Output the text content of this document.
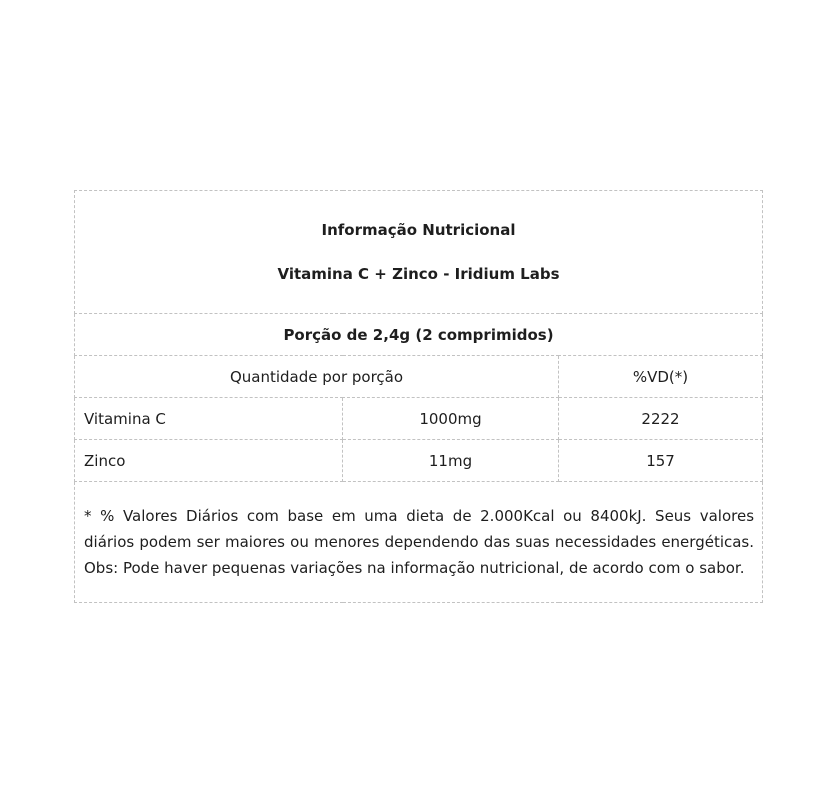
Informação Nutricional
Vitamina C + Zinco - Iridium Labs		

Porção de 2,4g (2 comprimidos)		
Quantidade por porção		%VD(*)
Vitamina C	1000mg	2222
Zinco	11mg	157
* % Valores Diários com base em uma dieta de 2.000Kcal ou 8400kJ. Seus valores diários podem ser maiores ou menores dependendo das suas necessidades energéticas. Obs: Pode haver pequenas variações na informação nutricional, de acordo com o sabor.		
